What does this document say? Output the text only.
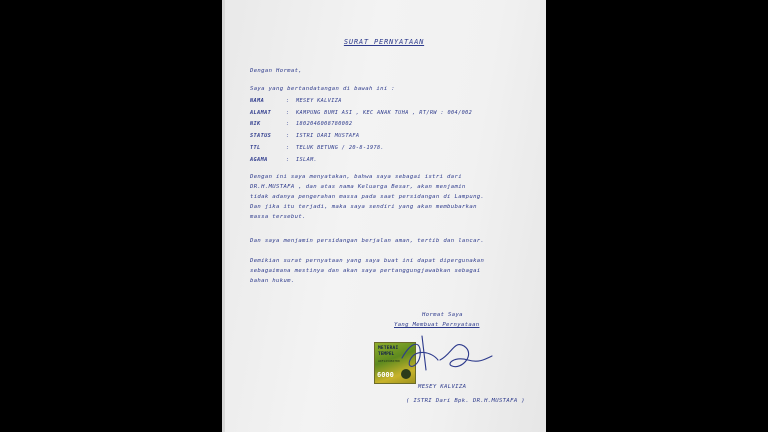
SURAT PERNYATAAN
Dengan Hormat,
Saya yang bertandatangan di bawah ini :
NAMA	: MESEY KALVIZA
ALAMAT	: KAMPUNG BUMI ASI , KEC ANAK TUHA , RT/RW : 004/002
NIK	: 1802046008780002
STATUS	: ISTRI DARI MUSTAFA
TTL	: TELUK BETUNG / 20-8-1978.
AGAMA	: ISLAM.
Dengan ini saya menyatakan, bahwa saya sebagai istri dari
DR.H.MUSTAFA , dan atas nama Keluarga Besar, akan menjamin
tidak adanya pengerahan massa pada saat persidangan di Lampung.
Dan jika itu terjadi, maka saya sendiri yang akan membubarkan
massa tersebut.
Dan saya menjamin persidangan berjalan aman, tertib dan lancar.
Demikian surat pernyataan yang saya buat ini dapat dipergunakan
sebagaimana mestinya dan akan saya pertanggungjawabkan sebagai
bahan hukum.
Hormat Saya
Yang Membuat Pernyataan
METERAI
TEMPEL
ADF123456789
6000
MESEY KALVIZA
( ISTRI Dari Bpk. DR.H.MUSTAFA )
